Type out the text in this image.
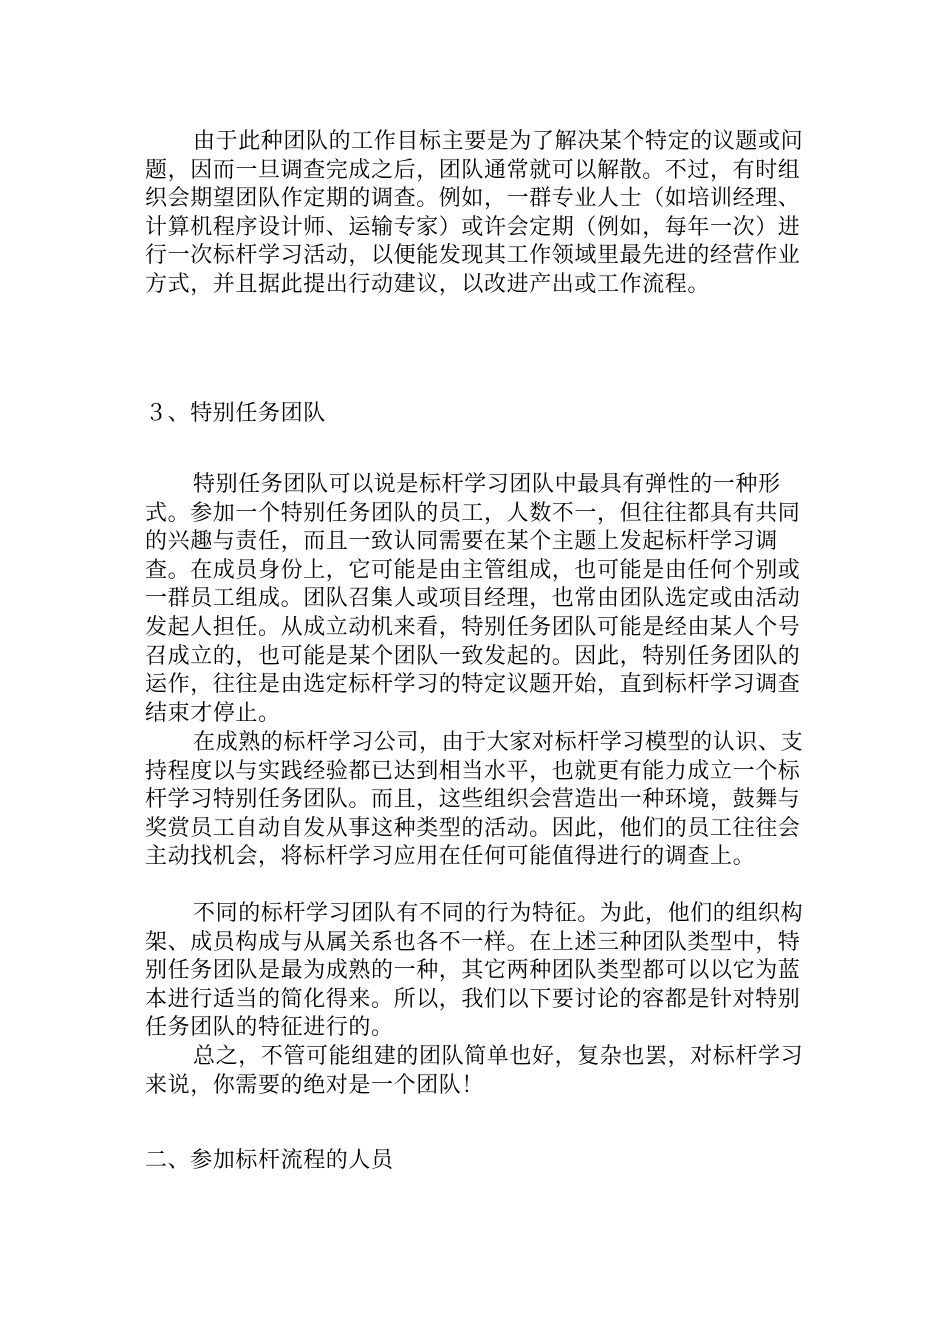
由于此种团队的工作目标主要是为了解决某个特定的议题或问题，因而一旦调查完成之后，团队通常就可以解散。不过，有时组织会期望团队作定期的调查。例如，一群专业人士（如培训经理、计算机程序设计师、运输专家）或许会定期（例如，每年一次）进行一次标杆学习活动，以便能发现其工作领域里最先进的经营作业方式，并且据此提出行动建议，以改进产出或工作流程。
３、特别任务团队
特别任务团队可以说是标杆学习团队中最具有弹性的一种形式。参加一个特别任务团队的员工，人数不一，但往往都具有共同的兴趣与责任，而且一致认同需要在某个主题上发起标杆学习调查。在成员身份上，它可能是由主管组成，也可能是由任何个别或一群员工组成。团队召集人或项目经理，也常由团队选定或由活动发起人担任。从成立动机来看，特别任务团队可能是经由某人个号召成立的，也可能是某个团队一致发起的。因此，特别任务团队的运作，往往是由选定标杆学习的特定议题开始，直到标杆学习调查结束才停止。
在成熟的标杆学习公司，由于大家对标杆学习模型的认识、支持程度以与实践经验都已达到相当水平，也就更有能力成立一个标杆学习特别任务团队。而且，这些组织会营造出一种环境，鼓舞与奖赏员工自动自发从事这种类型的活动。因此，他们的员工往往会主动找机会，将标杆学习应用在任何可能值得进行的调查上。
不同的标杆学习团队有不同的行为特征。为此，他们的组织构架、成员构成与从属关系也各不一样。在上述三种团队类型中，特别任务团队是最为成熟的一种，其它两种团队类型都可以以它为蓝本进行适当的简化得来。所以，我们以下要讨论的容都是针对特别任务团队的特征进行的。
总之，不管可能组建的团队简单也好，复杂也罢，对标杆学习来说，你需要的绝对是一个团队！
二、参加标杆流程的人员
